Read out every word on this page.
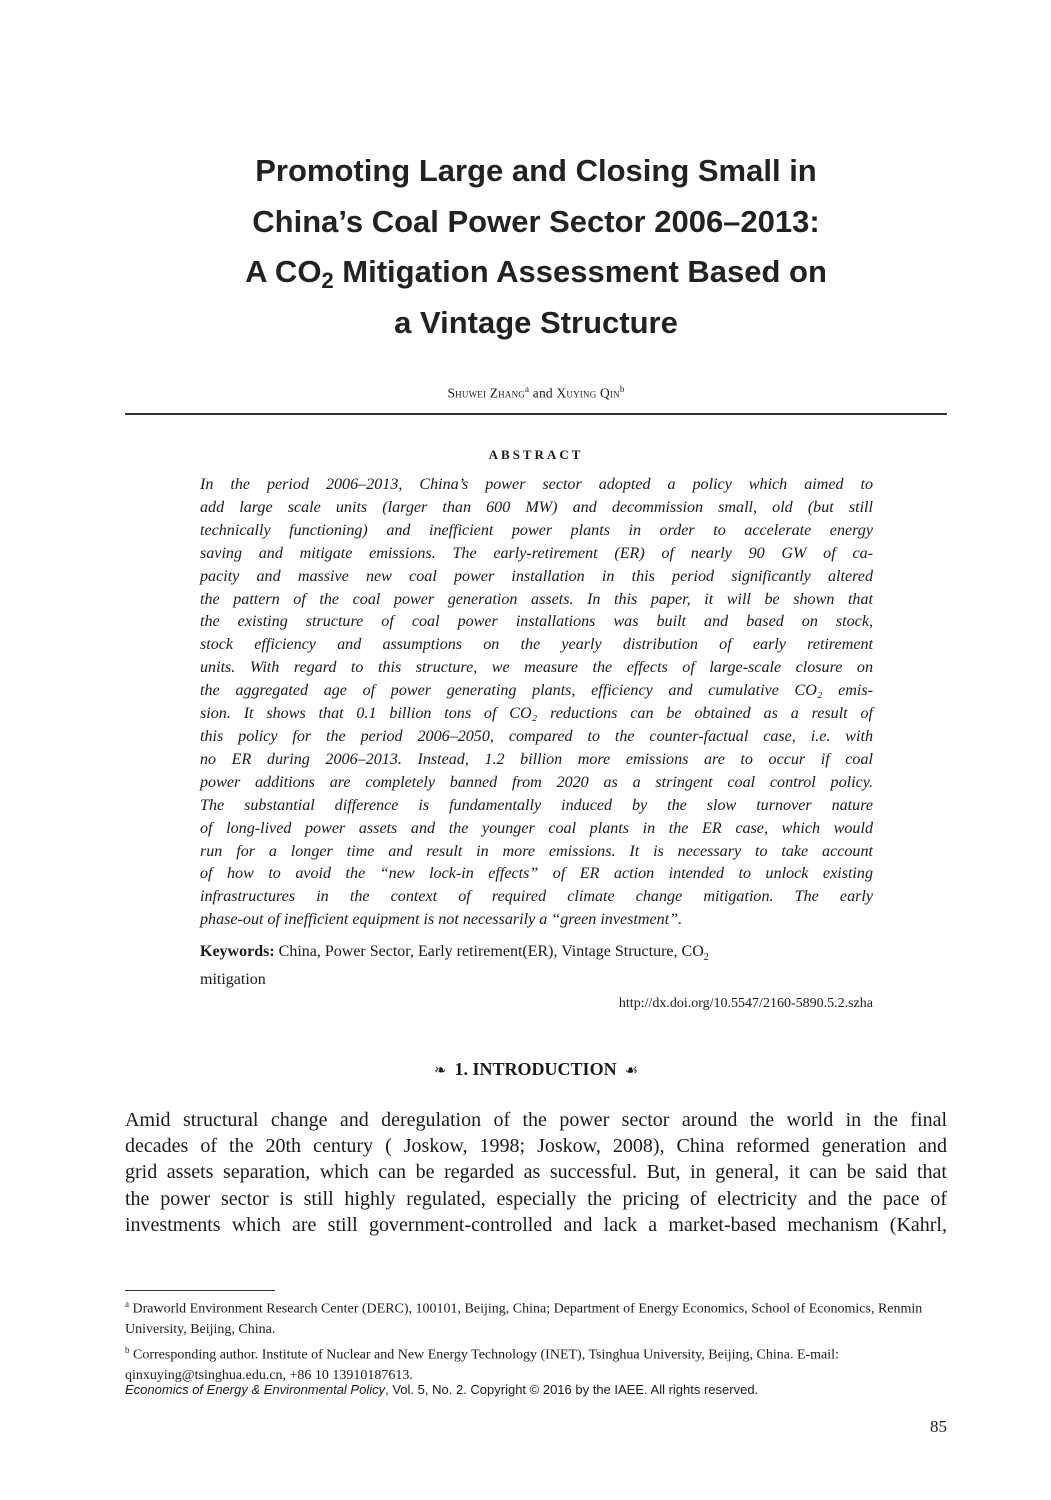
Promoting Large and Closing Small in
China’s Coal Power Sector 2006–2013:
A $CO_2$ Mitigation Assessment Based on
a Vintage Structure
Shuwei Zhang$^a$ and Xuying Qin$^b$
ABSTRACT
In the period 2006–2013, China’s power sector adopted a policy which aimed to
add large scale units (larger than 600 MW) and decommission small, old (but still
technically functioning) and inefficient power plants in order to accelerate energy
saving and mitigate emissions. The early-retirement (ER) of nearly 90 GW of ca-
pacity and massive new coal power installation in this period significantly altered
the pattern of the coal power generation assets. In this paper, it will be shown that
the existing structure of coal power installations was built and based on stock,
stock efficiency and assumptions on the yearly distribution of early retirement
units. With regard to this structure, we measure the effects of large-scale closure on
the aggregated age of power generating plants, efficiency and cumulative CO₂ emis-
sion. It shows that 0.1 billion tons of CO₂ reductions can be obtained as a result of
this policy for the period 2006–2050, compared to the counter-factual case, i.e. with
no ER during 2006–2013. Instead, 1.2 billion more emissions are to occur if coal
power additions are completely banned from 2020 as a stringent coal control policy.
The substantial difference is fundamentally induced by the slow turnover nature
of long-lived power assets and the younger coal plants in the ER case, which would
run for a longer time and result in more emissions. It is necessary to take account
of how to avoid the “new lock-in effects” of ER action intended to unlock existing
infrastructures in the context of required climate change mitigation. The early
phase-out of inefficient equipment is not necessarily a “green investment”.
Keywords: China, Power Sector, Early retirement(ER), Vintage Structure, $CO_2$
mitigation
http://dx.doi.org/10.5547/2160-5890.5.2.szha
❧ 1. INTRODUCTION ☙
Amid structural change and deregulation of the power sector around the world in the final
decades of the 20th century ( Joskow, 1998; Joskow, 2008), China reformed generation and
grid assets separation, which can be regarded as successful. But, in general, it can be said that
the power sector is still highly regulated, especially the pricing of electricity and the pace of
investments which are still government-controlled and lack a market-based mechanism (Kahrl,
$^a$ Draworld Environment Research Center (DERC), 100101, Beijing, China; Department of Energy Economics, School of Economics, Renmin University, Beijing, China.
$^b$ Corresponding author. Institute of Nuclear and New Energy Technology (INET), Tsinghua University, Beijing, China. E-mail: qinxuying@tsinghua.edu.cn, +86 10 13910187613.
Economics of Energy & Environmental Policy, Vol. 5, No. 2. Copyright © 2016 by the IAEE. All rights reserved.
85
